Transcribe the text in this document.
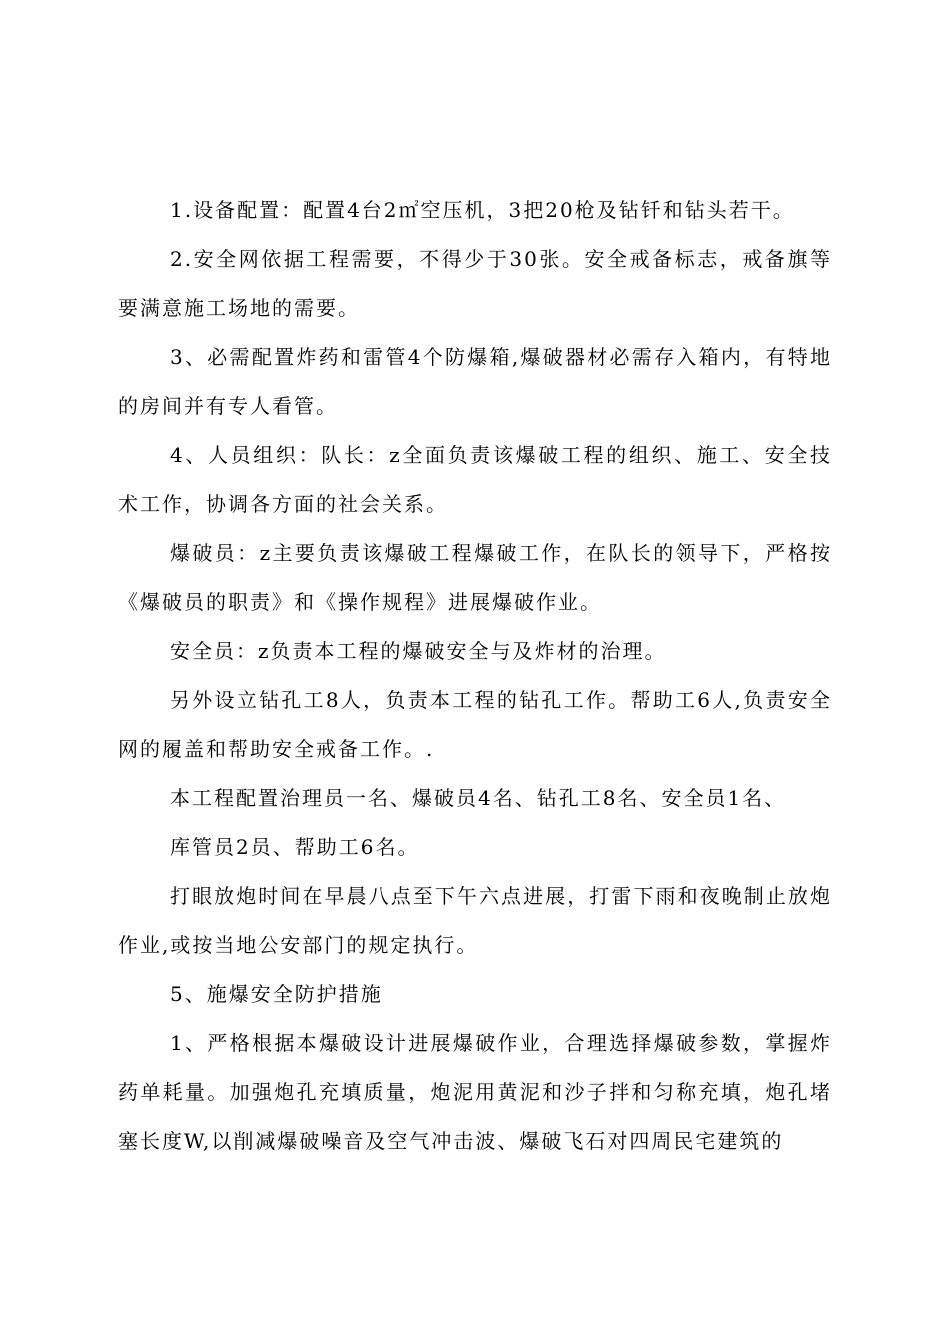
1.设备配置：配置4台2㎡空压机，3把20枪及钻钎和钻头若干。

2.安全网依据工程需要，不得少于30张。安全戒备标志，戒备旗等要满意施工场地的需要。

3、必需配置炸药和雷管4个防爆箱,爆破器材必需存入箱内，有特地的房间并有专人看管。

4、人员组织：队长：z全面负责该爆破工程的组织、施工、安全技术工作，协调各方面的社会关系。

爆破员：z主要负责该爆破工程爆破工作，在队长的领导下，严格按《爆破员的职责》和《操作规程》进展爆破作业。

安全员：z负责本工程的爆破安全与及炸材的治理。

另外设立钻孔工8人，负责本工程的钻孔工作。帮助工6人,负责安全网的履盖和帮助安全戒备工作。.

本工程配置治理员一名、爆破员4名、钻孔工8名、安全员1名、

库管员2员、帮助工6名。

打眼放炮时间在早晨八点至下午六点进展，打雷下雨和夜晚制止放炮作业,或按当地公安部门的规定执行。

5、施爆安全防护措施

1、严格根据本爆破设计进展爆破作业，合理选择爆破参数，掌握炸药单耗量。加强炮孔充填质量，炮泥用黄泥和沙子拌和匀称充填，炮孔堵塞长度W,以削减爆破噪音及空气冲击波、爆破飞石对四周民宅建筑的
